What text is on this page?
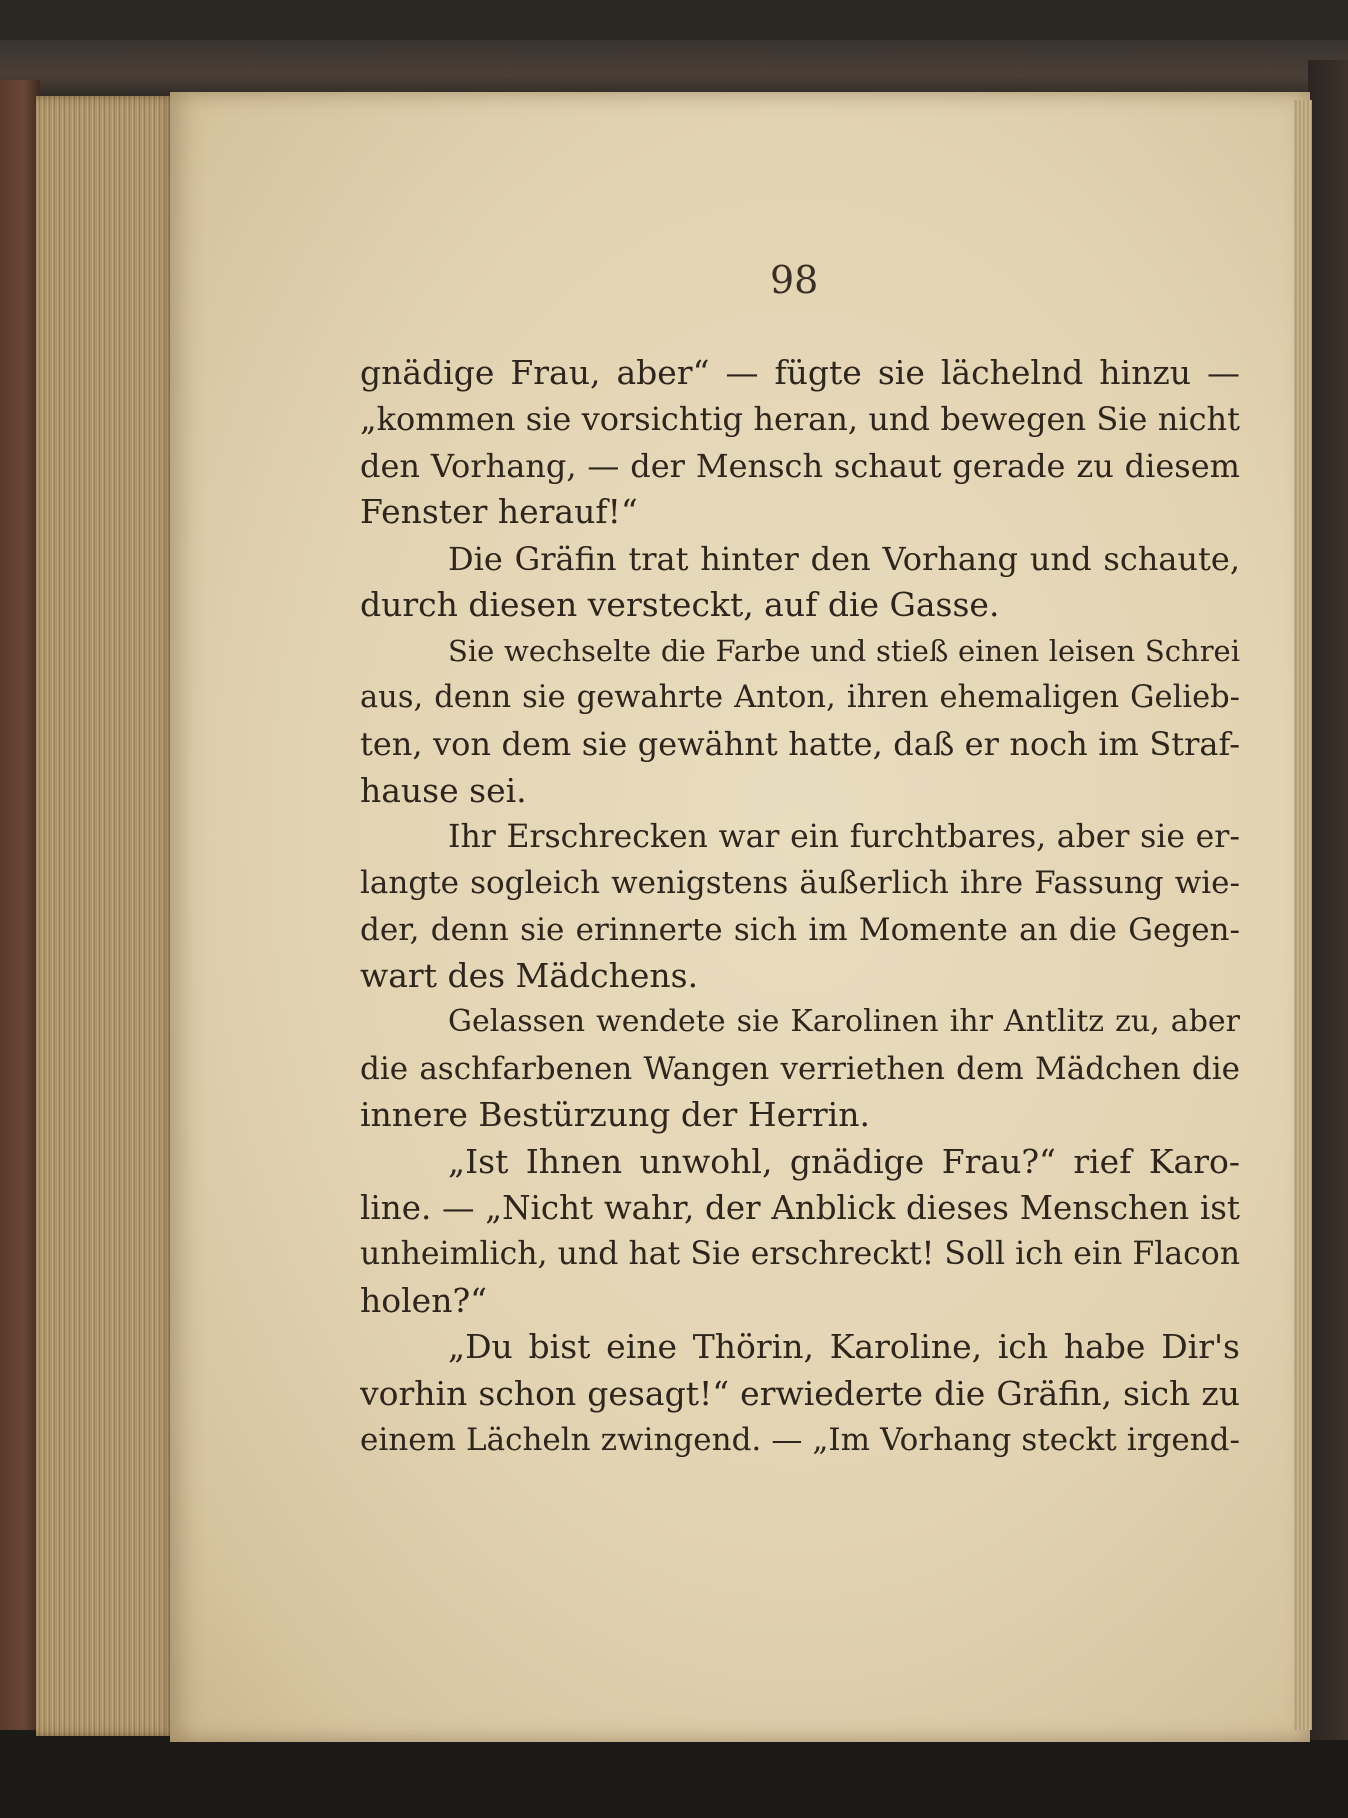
98
gnädige Frau, aber“ — fügte sie lächelnd hinzu —
„kommen sie vorsichtig heran, und bewegen Sie nicht
den Vorhang, — der Mensch schaut gerade zu diesem
Fenster herauf!“
Die Gräfin trat hinter den Vorhang und schaute,
durch diesen versteckt, auf die Gasse.
Sie wechselte die Farbe und stieß einen leisen Schrei
aus, denn sie gewahrte Anton, ihren ehemaligen Gelieb-
ten, von dem sie gewähnt hatte, daß er noch im Straf-
hause sei.
Ihr Erschrecken war ein furchtbares, aber sie er-
langte sogleich wenigstens äußerlich ihre Fassung wie-
der, denn sie erinnerte sich im Momente an die Gegen-
wart des Mädchens.
Gelassen wendete sie Karolinen ihr Antlitz zu, aber
die aschfarbenen Wangen verriethen dem Mädchen die
innere Bestürzung der Herrin.
„Ist Ihnen unwohl, gnädige Frau?“ rief Karo-
line. — „Nicht wahr, der Anblick dieses Menschen ist
unheimlich, und hat Sie erschreckt! Soll ich ein Flacon
holen?“
„Du bist eine Thörin, Karoline, ich habe Dir's
vorhin schon gesagt!“ erwiederte die Gräfin, sich zu
einem Lächeln zwingend. — „Im Vorhang steckt irgend-
